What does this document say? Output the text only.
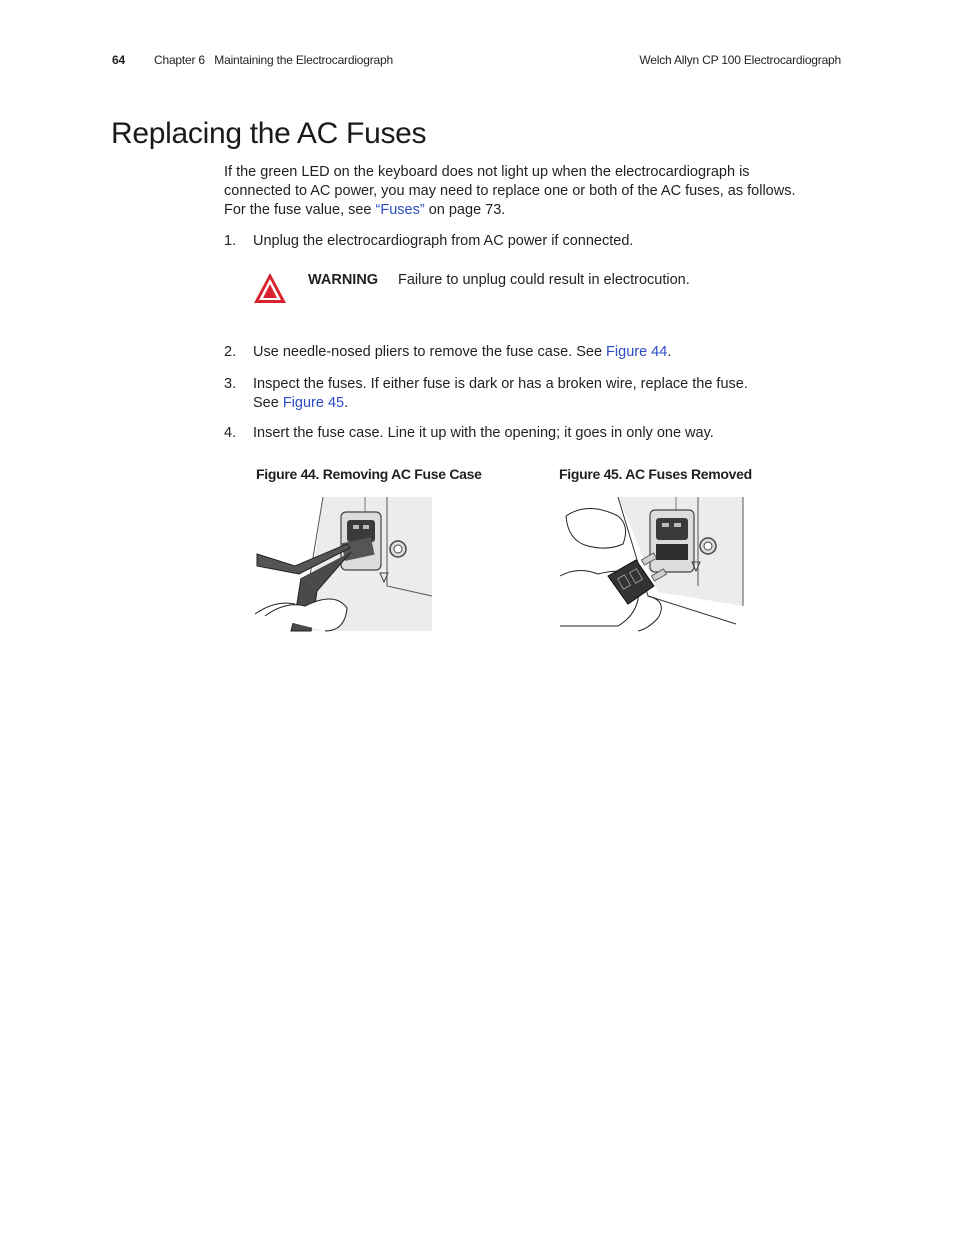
64 Chapter 6   Maintaining the Electrocardiograph	Welch Allyn CP 100 Electrocardiograph
Replacing the AC Fuses
If the green LED on the keyboard does not light up when the electrocardiograph is
connected to AC power, you may need to replace one or both of the AC fuses, as follows.
For the fuse value, see “Fuses” on page 73.
1. Unplug the electrocardiograph from AC power if connected.
WARNING Failure to unplug could result in electrocution.
2. Use needle-nosed pliers to remove the fuse case. See Figure 44.
3. Inspect the fuses. If either fuse is dark or has a broken wire, replace the fuse.
See Figure 45.
4. Insert the fuse case. Line it up with the opening; it goes in only one way.
Figure 44. Removing AC Fuse Case	Figure 45. AC Fuses Removed
